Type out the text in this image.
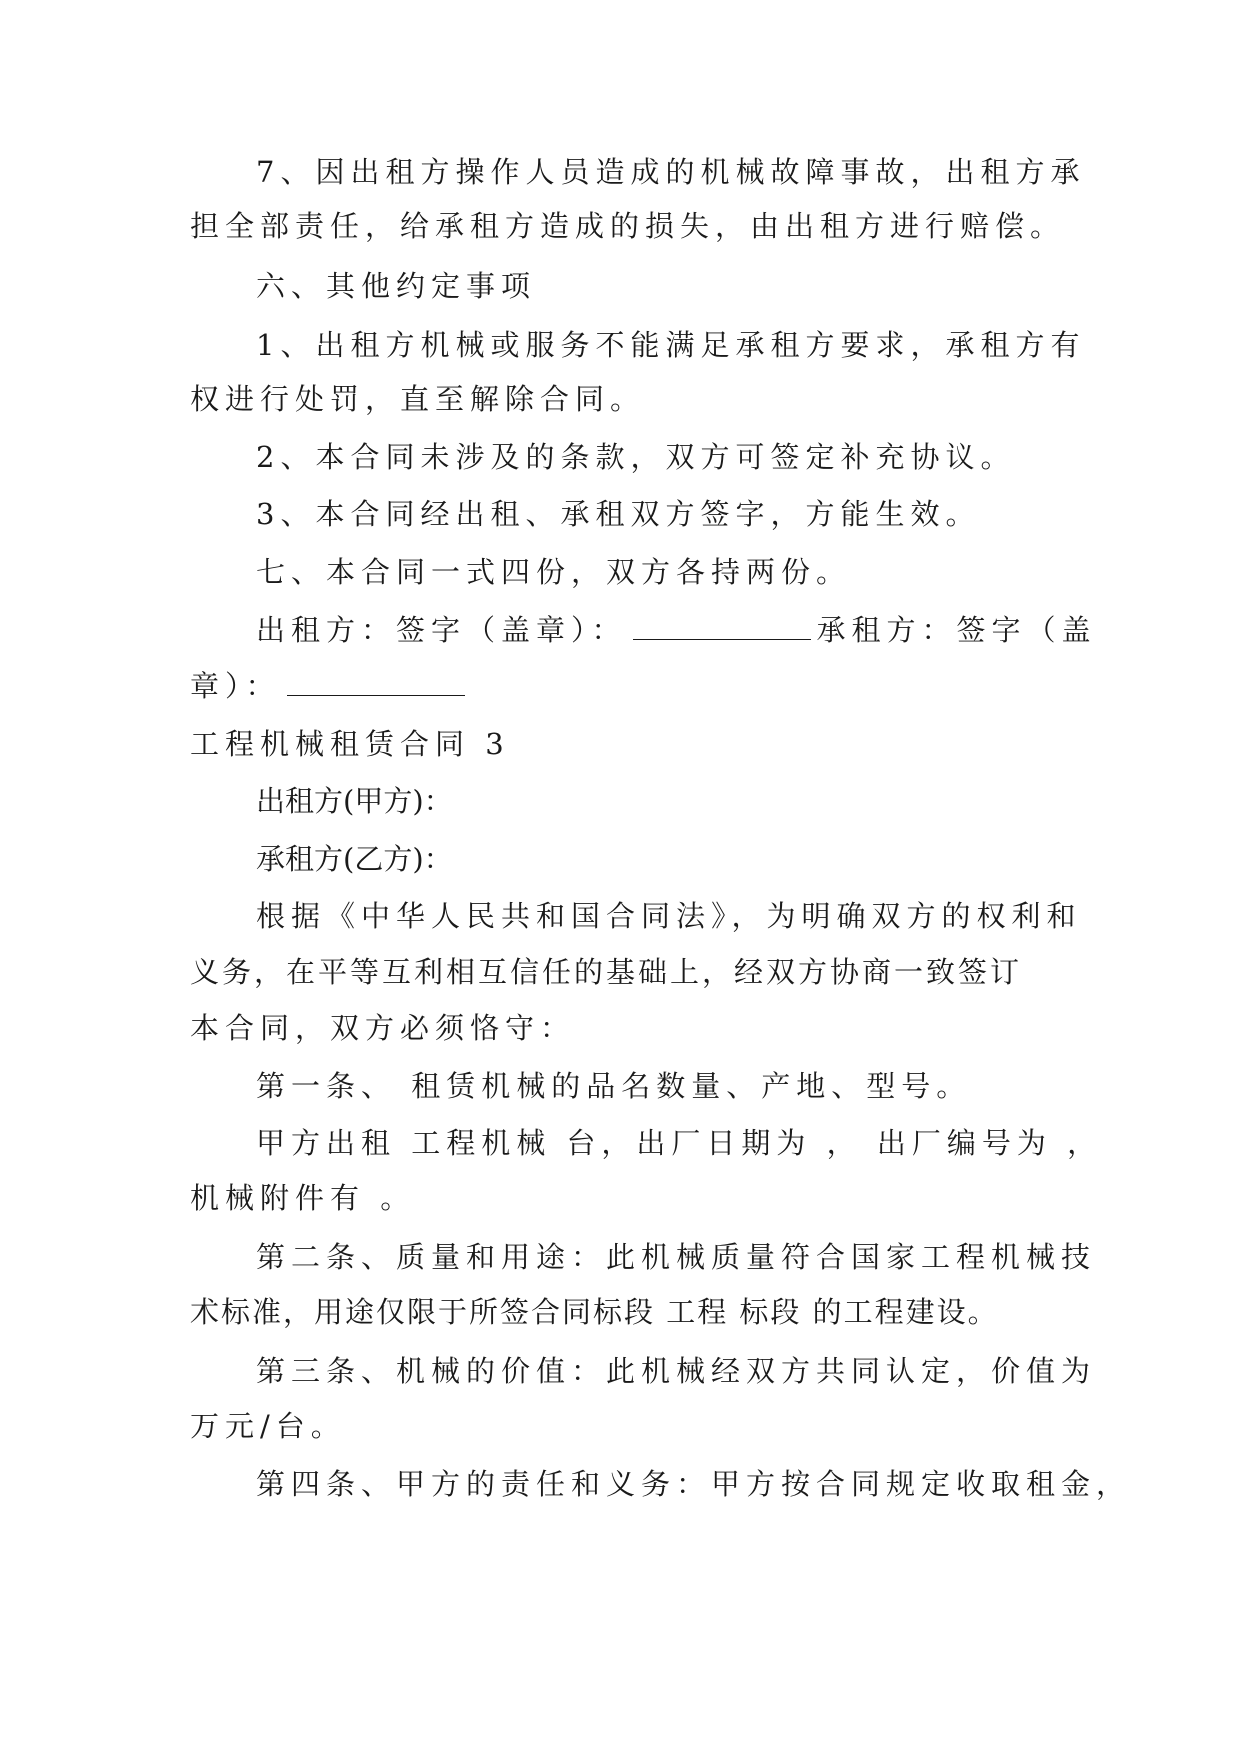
7、因出租方操作人员造成的机械故障事故，出租方承
担全部责任，给承租方造成的损失，由出租方进行赔偿。
六、其他约定事项
1、出租方机械或服务不能满足承租方要求，承租方有
权进行处罚，直至解除合同。
2、本合同未涉及的条款，双方可签定补充协议。
3、本合同经出租、承租双方签字，方能生效。
七、本合同一式四份，双方各持两份。
出租方：签字（盖章）：	承租方：签字（盖
章）：
工程机械租赁合同 3
出租方(甲方)：
承租方(乙方)：
根据《中华人民共和国合同法》，为明确双方的权利和
义务，在平等互利相互信任的基础上，经双方协商一致签订
本合同，双方必须恪守：
第一条、 租赁机械的品名数量、产地、型号。
甲方出租 工程机械 台，出厂日期为 ， 出厂编号为 ，
机械附件有 。
第二条、质量和用途：此机械质量符合国家工程机械技
术标准，用途仅限于所签合同标段 工程 标段 的工程建设。
第三条、机械的价值：此机械经双方共同认定，价值为
万元/台。
第四条、甲方的责任和义务：甲方按合同规定收取租金，
